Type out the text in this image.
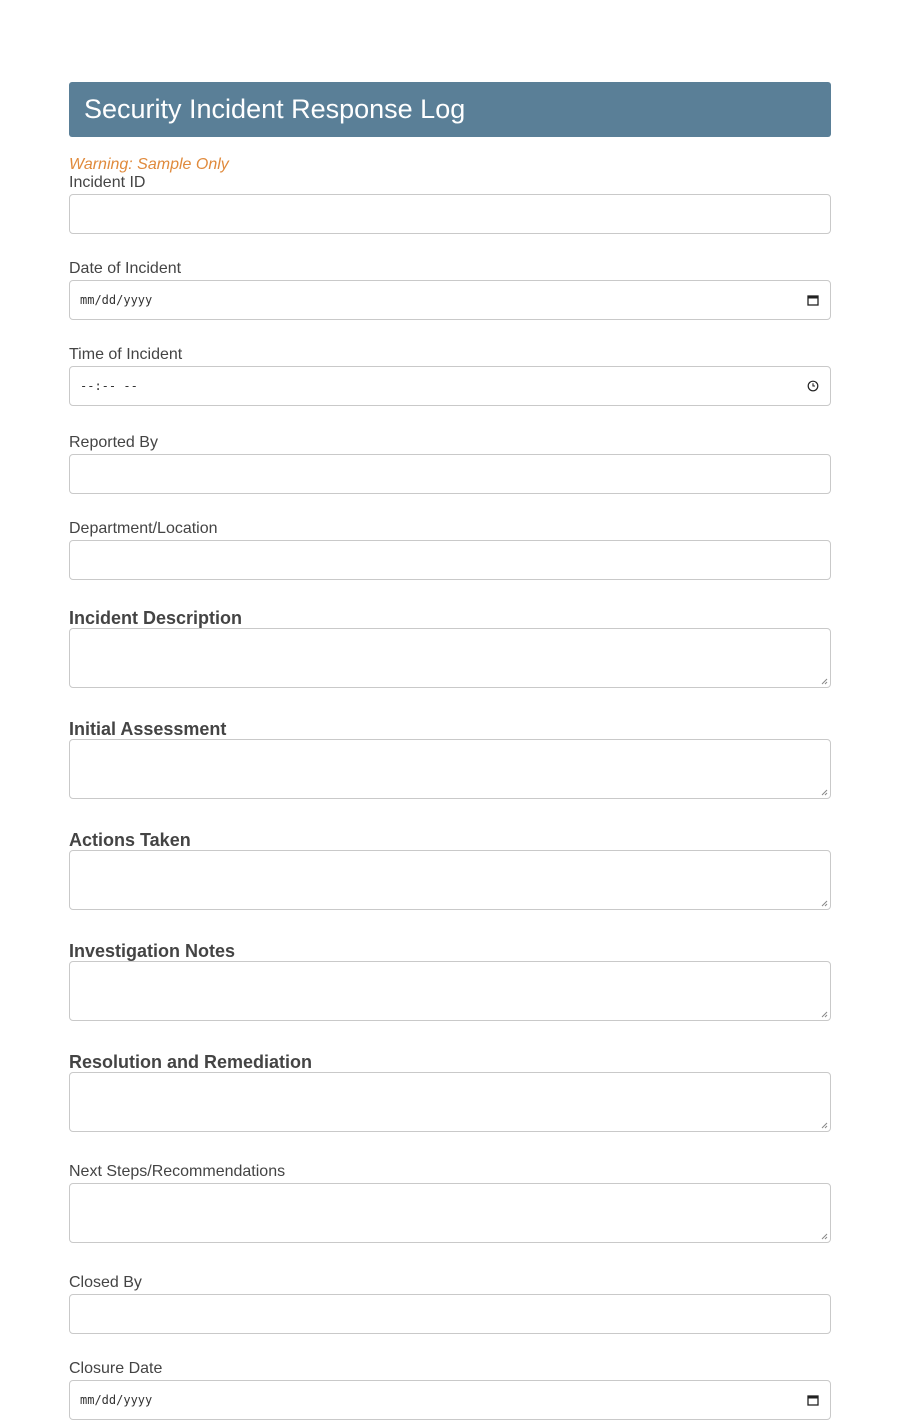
Security Incident Response Log
Warning: Sample Only
Incident ID
Date of Incident
mm/dd/yyyy
Time of Incident
--:-- --
Reported By
Department/Location
Incident Description
Initial Assessment
Actions Taken
Investigation Notes
Resolution and Remediation
Next Steps/Recommendations
Closed By
Closure Date
mm/dd/yyyy
